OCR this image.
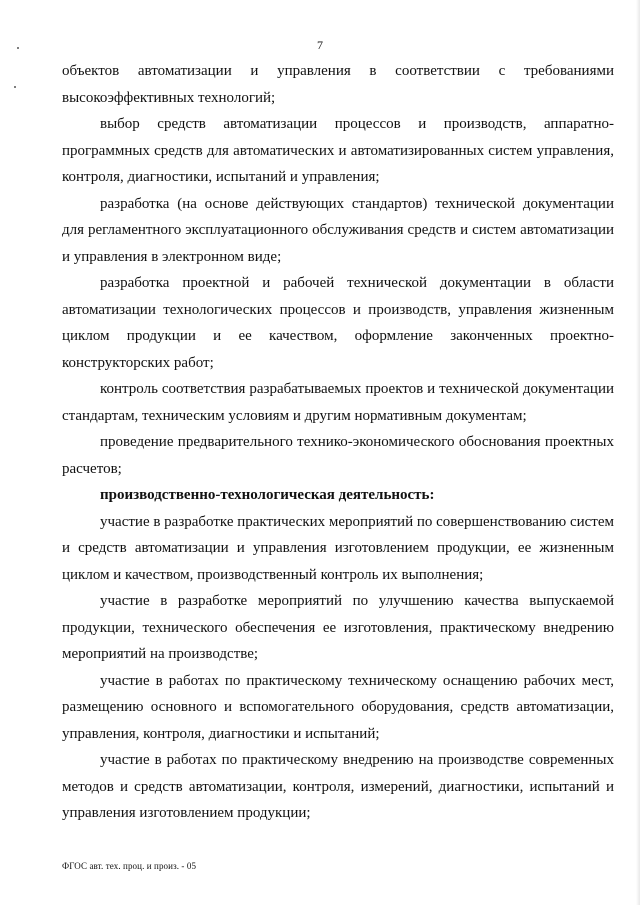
7

объектов автоматизации и управления в соответствии с требованиями высокоэффективных технологий;

выбор средств автоматизации процессов и производств, аппаратно-программных средств для автоматических и автоматизированных систем управления, контроля, диагностики, испытаний и управления;

разработка (на основе действующих стандартов) технической документации для регламентного эксплуатационного обслуживания средств и систем автоматизации и управления в электронном виде;

разработка проектной и рабочей технической документации в области автоматизации технологических процессов и производств, управления жизненным циклом продукции и ее качеством, оформление законченных проектно-конструкторских работ;

контроль соответствия разрабатываемых проектов и технической документации стандартам, техническим условиям и другим нормативным документам;

проведение предварительного технико-экономического обоснования проектных расчетов;

производственно-технологическая деятельность:

участие в разработке практических мероприятий по совершенствованию систем и средств автоматизации и управления изготовлением продукции, ее жизненным циклом и качеством, производственный контроль их выполнения;

участие в разработке мероприятий по улучшению качества выпускаемой продукции, технического обеспечения ее изготовления, практическому внедрению мероприятий на производстве;

участие в работах по практическому техническому оснащению рабочих мест, размещению основного и вспомогательного оборудования, средств автоматизации, управления, контроля, диагностики и испытаний;

участие в работах по практическому внедрению на производстве современных методов и средств автоматизации, контроля, измерений, диагностики, испытаний и управления изготовлением продукции;

ФГОС авт. тех. проц. и произ. - 05
